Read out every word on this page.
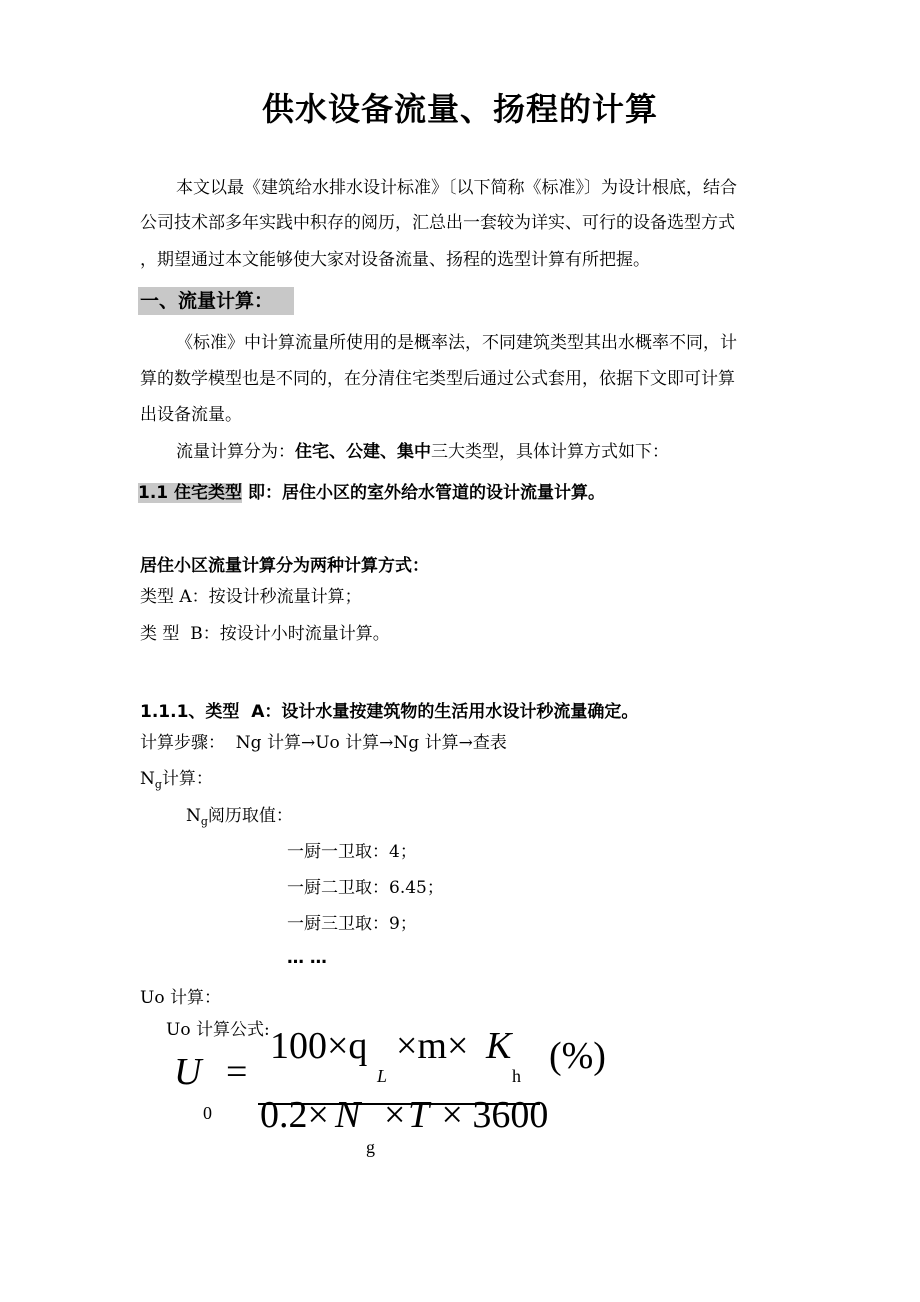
供水设备流量、扬程的计算
本文以最《建筑给水排水设计标准》〔以下简称《标准》〕为设计根底，结合
公司技术部多年实践中积存的阅历，汇总出一套较为详实、可行的设备选型方式
，期望通过本文能够使大家对设备流量、扬程的选型计算有所把握。
一、流量计算：
《标准》中计算流量所使用的是概率法，不同建筑类型其出水概率不同，计
算的数学模型也是不同的，在分清住宅类型后通过公式套用，依据下文即可计算
出设备流量。
流量计算分为：住宅、公建、集中三大类型，具体计算方式如下：
1.1 住宅类型 即：居住小区的室外给水管道的设计流量计算。
居住小区流量计算分为两种计算方式：
类型 A：按设计秒流量计算；
类 型  B：按设计小时流量计算。
1.1.1、类型  A：设计水量按建筑物的生活用水设计秒流量确定。
计算步骤：  Ng 计算→Uo 计算→Ng 计算→查表
$N_g$计算：
$N_g$阅历取值：
一厨一卫取：4；
一厨二卫取：6.45；
一厨三卫取：9；
… …
Uo 计算：
Uo 计算公式:
U =
0
100×q
L
×m× K
h (%)
0.2× N
g
× T × 3600
